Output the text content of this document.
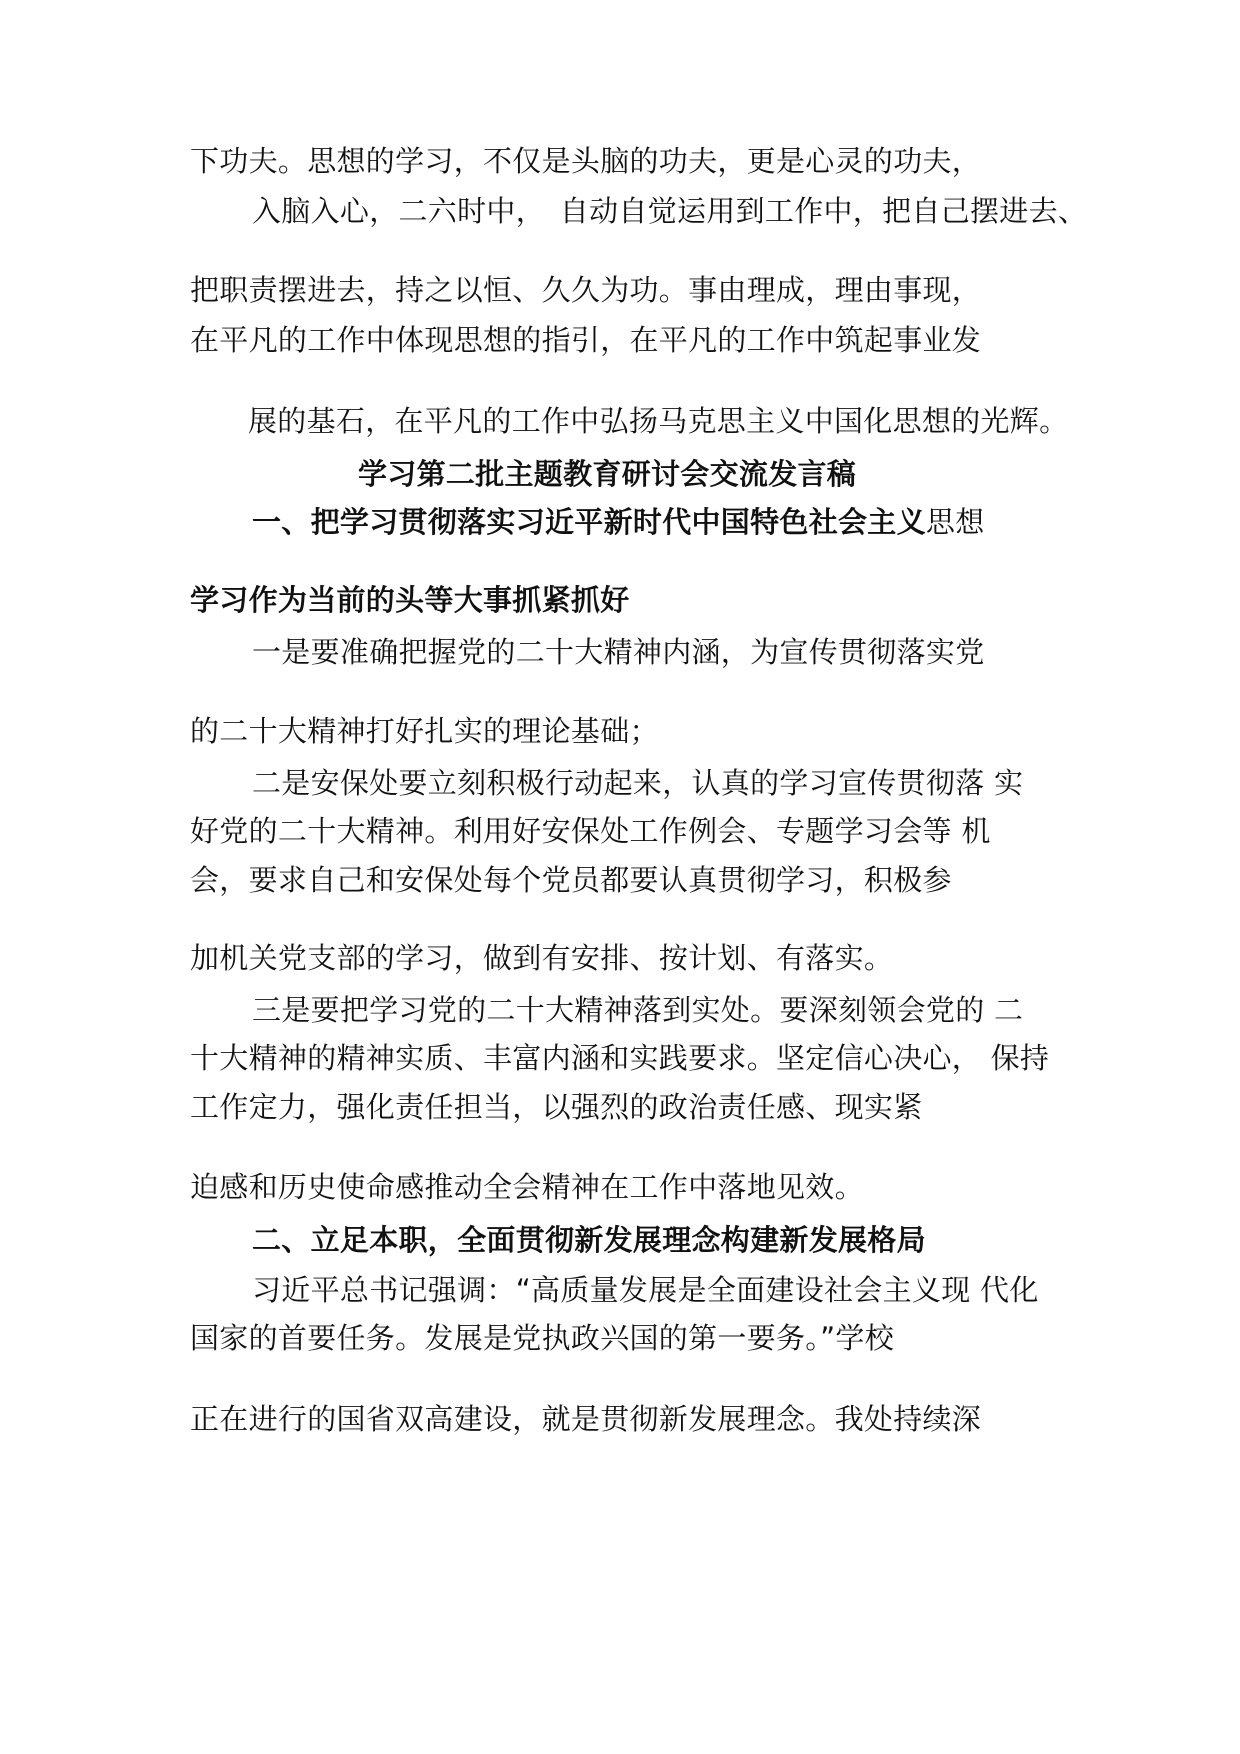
下功夫。思想的学习，不仅是头脑的功夫，更是心灵的功夫，
入脑入心，二六时中，　自动自觉运用到工作中，把自己摆进去、
把职责摆进去，持之以恒、久久为功。事由理成，理由事现，
在平凡的工作中体现思想的指引，在平凡的工作中筑起事业发
展的基石，在平凡的工作中弘扬马克思主义中国化思想的光辉。
学习第二批主题教育研讨会交流发言稿
一、把学习贯彻落实习近平新时代中国特色社会主义思想
学习作为当前的头等大事抓紧抓好
一是要准确把握党的二十大精神内涵，为宣传贯彻落实党
的二十大精神打好扎实的理论基础；
二是安保处要立刻积极行动起来，认真的学习宣传贯彻落 实
好党的二十大精神。利用好安保处工作例会、专题学习会等 机
会，要求自己和安保处每个党员都要认真贯彻学习，积极参
加机关党支部的学习，做到有安排、按计划、有落实。
三是要把学习党的二十大精神落到实处。要深刻领会党的 二
十大精神的精神实质、丰富内涵和实践要求。坚定信心决心， 保持
工作定力，强化责任担当，以强烈的政治责任感、现实紧
迫感和历史使命感推动全会精神在工作中落地见效。
二、立足本职，全面贯彻新发展理念构建新发展格局
习近平总书记强调：“高质量发展是全面建设社会主义现 代化
国家的首要任务。发展是党执政兴国的第一要务。”学校
正在进行的国省双高建设，就是贯彻新发展理念。我处持续深
